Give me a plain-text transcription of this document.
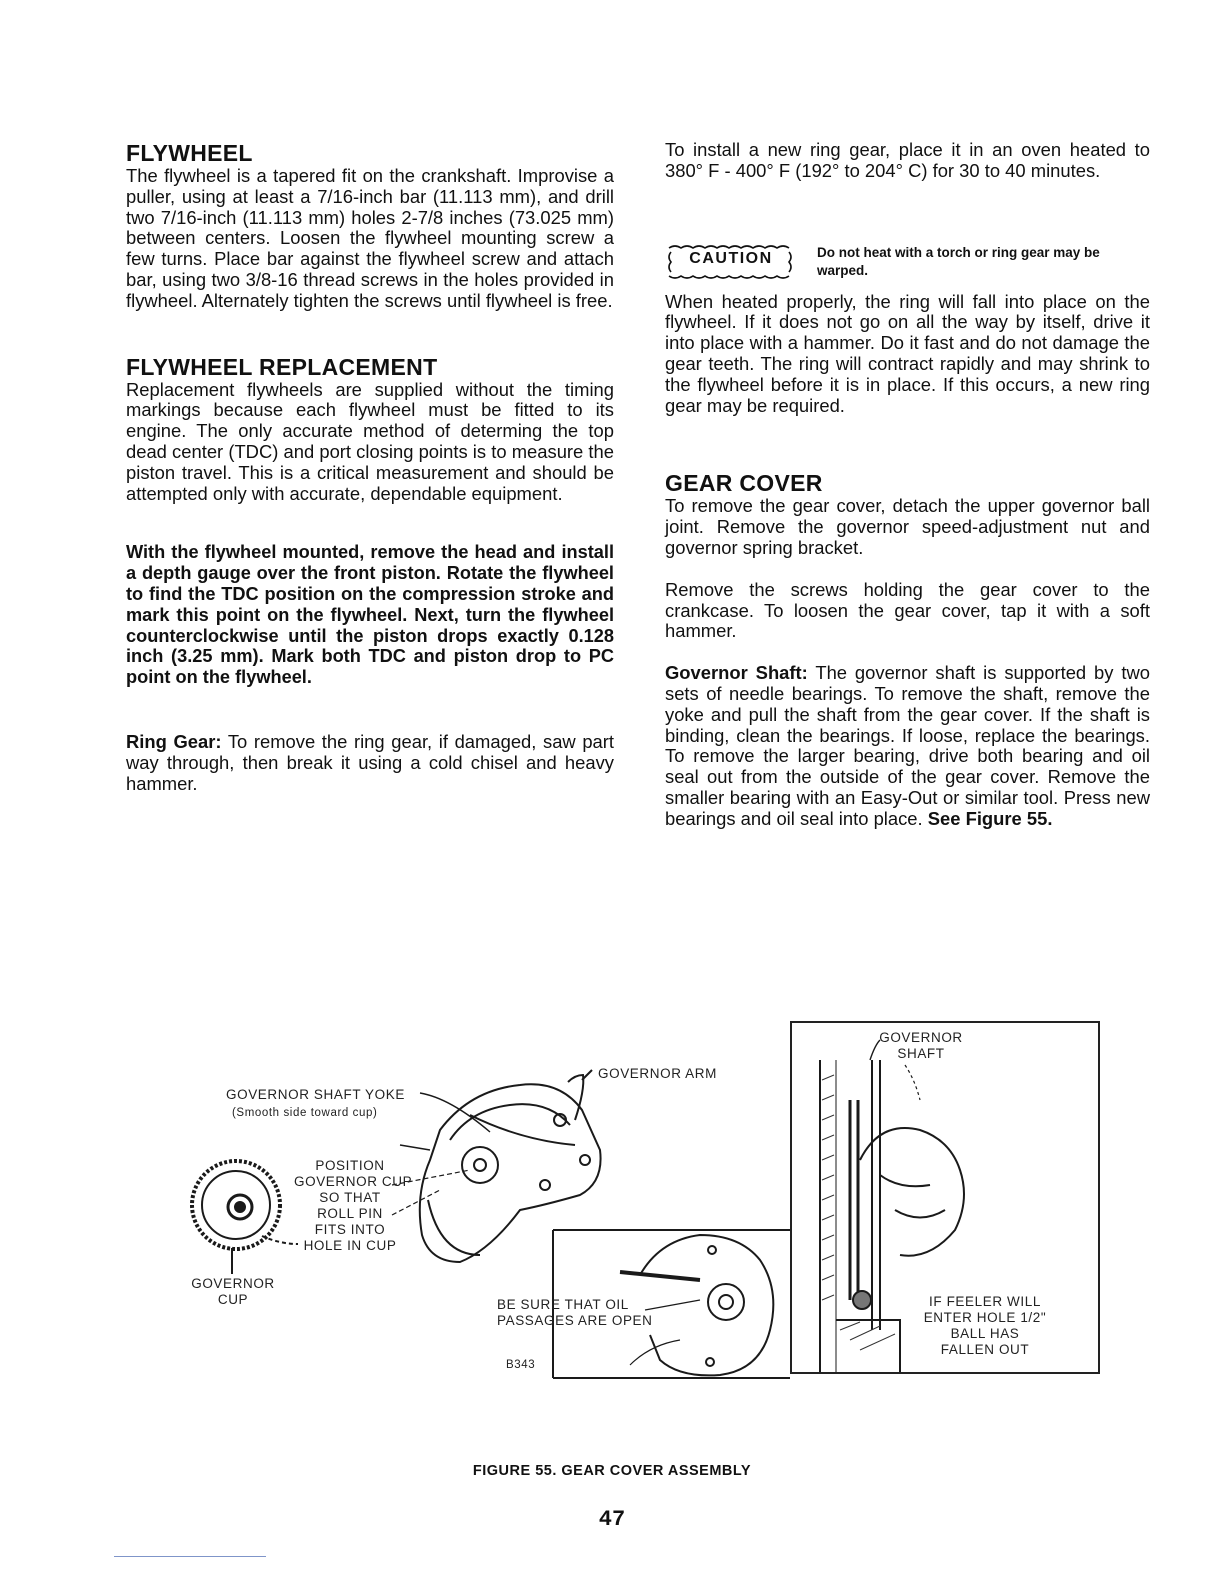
FLYWHEEL

The flywheel is a tapered fit on the crankshaft. Improvise a puller, using at least a 7/16-inch bar (11.113 mm), and drill two 7/16-inch (11.113 mm) holes 2-7/8 inches (73.025 mm) between centers. Loosen the flywheel mounting screw a few turns. Place bar against the flywheel screw and attach bar, using two 3/8-16 thread screws in the holes provided in flywheel. Alternately tighten the screws until flywheel is free.

FLYWHEEL REPLACEMENT

Replacement flywheels are supplied without the timing markings because each flywheel must be fitted to its engine. The only accurate method of determing the top dead center (TDC) and port closing points is to measure the piston travel. This is a critical measurement and should be attempted only with accurate, dependable equipment.

With the flywheel mounted, remove the head and install a depth gauge over the front piston. Rotate the flywheel to find the TDC position on the compression stroke and mark this point on the flywheel. Next, turn the flywheel counterclockwise until the piston drops exactly 0.128 inch (3.25 mm). Mark both TDC and piston drop to PC point on the flywheel.

Ring Gear: To remove the ring gear, if damaged, saw part way through, then break it using a cold chisel and heavy hammer.

To install a new ring gear, place it in an oven heated to 380° F - 400° F (192° to 204° C) for 30 to 40 minutes.

CAUTION	Do not heat with a torch or ring gear may be warped.

When heated properly, the ring will fall into place on the flywheel. If it does not go on all the way by itself, drive it into place with a hammer. Do it fast and do not damage the gear teeth. The ring will contract rapidly and may shrink to the flywheel before it is in place. If this occurs, a new ring gear may be required.

GEAR COVER

To remove the gear cover, detach the upper governor ball joint. Remove the governor speed-adjustment nut and governor spring bracket.

Remove the screws holding the gear cover to the crankcase. To loosen the gear cover, tap it with a soft hammer.

Governor Shaft: The governor shaft is supported by two sets of needle bearings. To remove the shaft, remove the yoke and pull the shaft from the gear cover. If the shaft is binding, clean the bearings. If loose, replace the bearings. To remove the larger bearing, drive both bearing and oil seal out from the outside of the gear cover. Remove the smaller bearing with an Easy-Out or similar tool. Press new bearings and oil seal into place. See Figure 55.

GOVERNOR ARM
GOVERNOR SHAFT YOKE
(Smooth side toward cup)
POSITION
GOVERNOR CUP
SO THAT
ROLL PIN
FITS INTO
HOLE IN CUP
GOVERNOR
CUP	BE SURE THAT OIL
PASSAGES ARE OPEN
B343
GOVERNOR
SHAFT
IF FEELER WILL
ENTER HOLE 1/2"
BALL HAS
FALLEN OUT
FIGURE 55. GEAR COVER ASSEMBLY
47
